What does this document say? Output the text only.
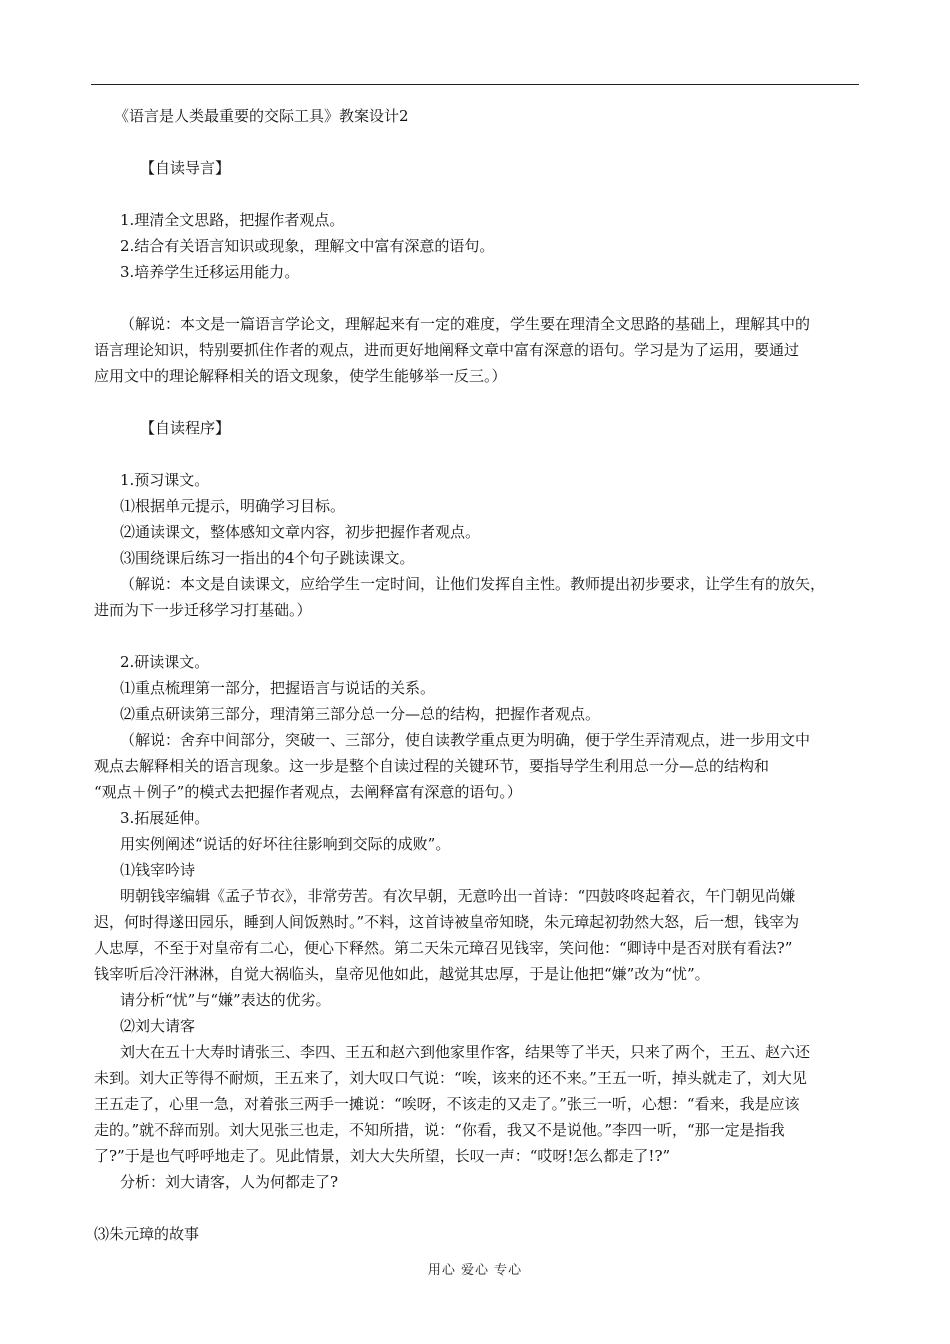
《语言是人类最重要的交际工具》教案设计2
【自读导言】
1.理清全文思路，把握作者观点。
2.结合有关语言知识或现象，理解文中富有深意的语句。
3.培养学生迁移运用能力。
（解说：本文是一篇语言学论文，理解起来有一定的难度，学生要在理清全文思路的基础上，理解其中的
语言理论知识，特别要抓住作者的观点，进而更好地阐释文章中富有深意的语句。学习是为了运用，要通过
应用文中的理论解释相关的语文现象，使学生能够举一反三。）
【自读程序】
1.预习课文。
⑴根据单元提示，明确学习目标。
⑵通读课文，整体感知文章内容，初步把握作者观点。
⑶围绕课后练习一指出的4个句子跳读课文。
（解说：本文是自读课文，应给学生一定时间，让他们发挥自主性。教师提出初步要求，让学生有的放矢，
进而为下一步迁移学习打基础。）
2.研读课文。
⑴重点梳理第一部分，把握语言与说话的关系。
⑵重点研读第三部分，理清第三部分总一分—总的结构，把握作者观点。
（解说：舍弃中间部分，突破一、三部分，使自读教学重点更为明确，便于学生弄清观点，进一步用文中
观点去解释相关的语言现象。这一步是整个自读过程的关键环节，要指导学生利用总一分—总的结构和
“观点＋例子”的模式去把握作者观点，去阐释富有深意的语句。）
3.拓展延伸。
用实例阐述“说话的好坏往往影响到交际的成败”。
⑴钱宰吟诗
明朝钱宰编辑《孟子节衣》，非常劳苦。有次早朝，无意吟出一首诗：“四鼓咚咚起着衣，午门朝见尚嫌
迟，何时得遂田园乐，睡到人间饭熟时。”不料，这首诗被皇帝知晓，朱元璋起初勃然大怒，后一想，钱宰为
人忠厚，不至于对皇帝有二心，便心下释然。第二天朱元璋召见钱宰，笑问他：“卿诗中是否对朕有看法?”
钱宰听后冷汗淋淋，自觉大祸临头，皇帝见他如此，越觉其忠厚，于是让他把“嫌”改为“忧”。
请分析“忧”与“嫌”表达的优劣。
⑵刘大请客
刘大在五十大寿时请张三、李四、王五和赵六到他家里作客，结果等了半天，只来了两个，王五、赵六还
未到。刘大正等得不耐烦，王五来了，刘大叹口气说：“唉，该来的还不来。”王五一听，掉头就走了，刘大见
王五走了，心里一急，对着张三两手一摊说：“唉呀，不该走的又走了。”张三一听，心想：“看来，我是应该
走的。”就不辞而别。刘大见张三也走，不知所措，说：“你看，我又不是说他。”李四一听，“那一定是指我
了?”于是也气呼呼地走了。见此情景，刘大大失所望，长叹一声：“哎呀!怎么都走了!?”
分析：刘大请客，人为何都走了?
⑶朱元璋的故事
用心 爱心 专心
